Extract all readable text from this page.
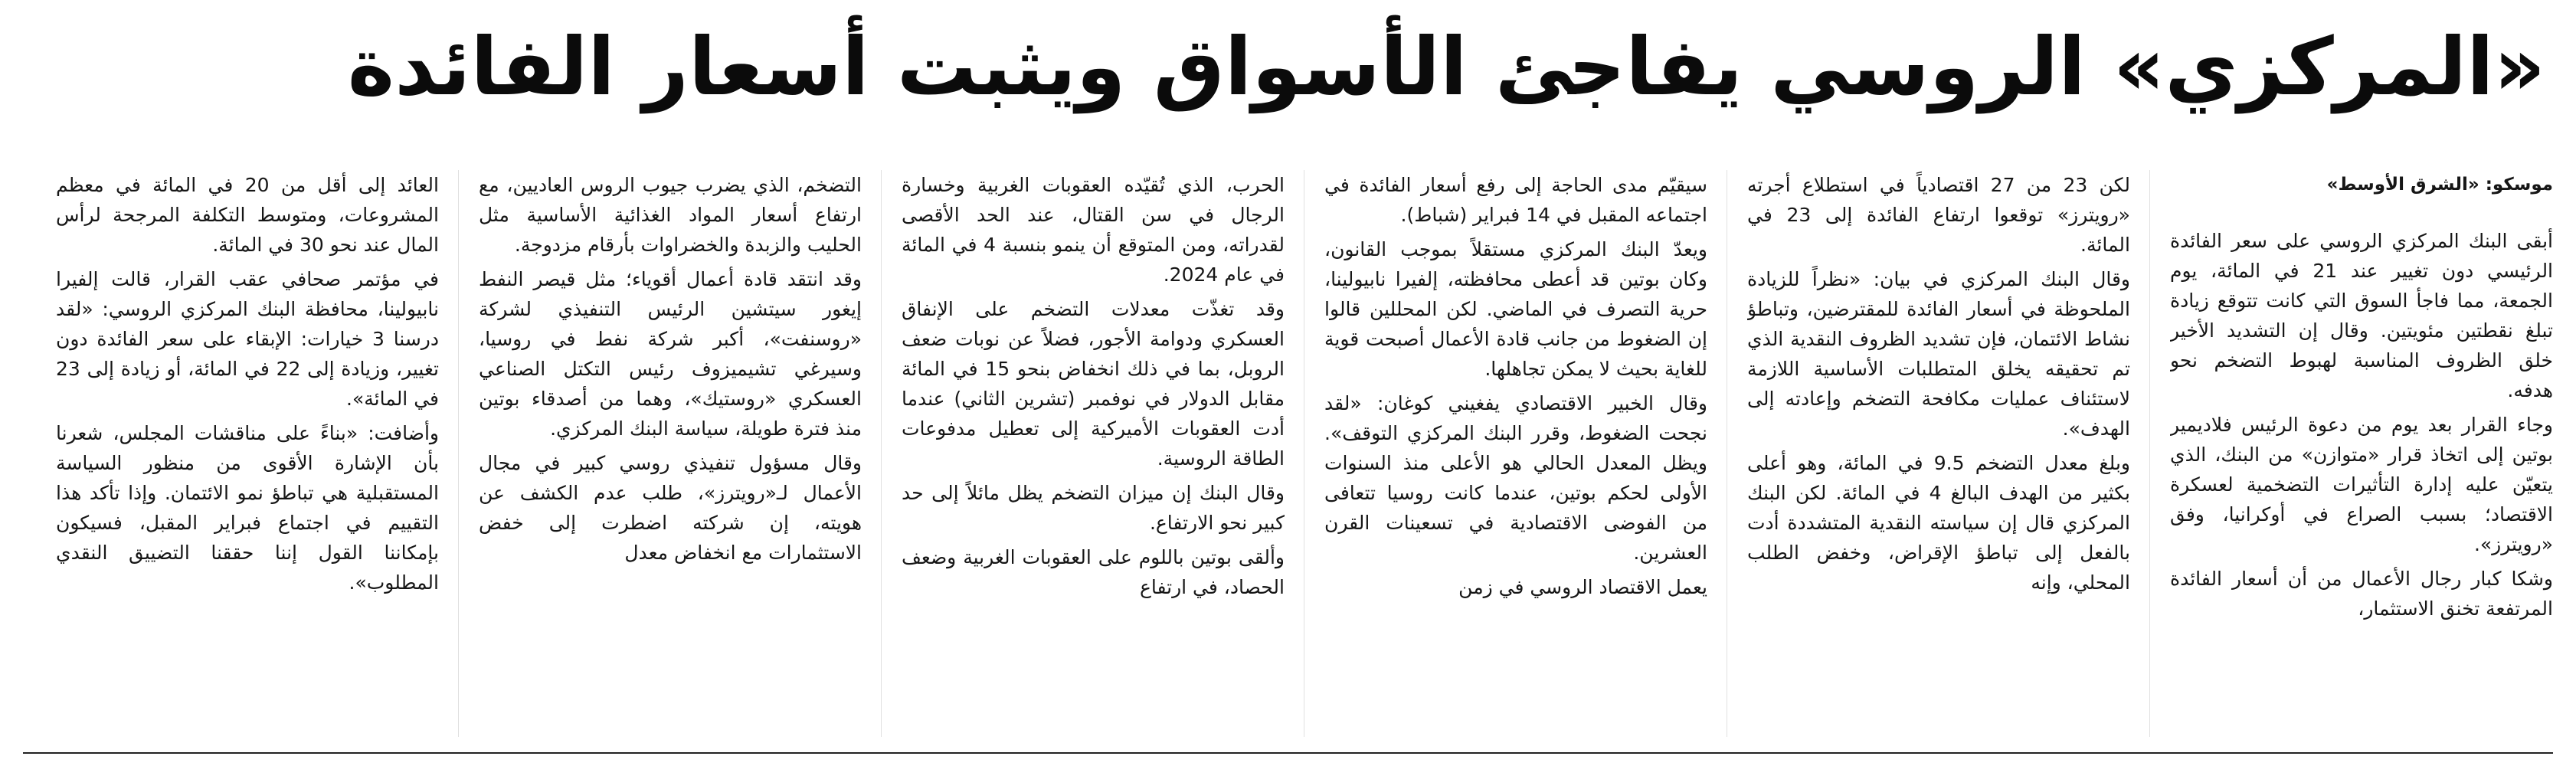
«المركزي» الروسي يفاجئ الأسواق ويثبت أسعار الفائدة

موسكو: «الشرق الأوسط»

أبقى البنك المركزي الروسي على سعر الفائدة الرئيسي دون تغيير عند 21 في المائة، يوم الجمعة، مما فاجأ السوق التي كانت تتوقع زيادة تبلغ نقطتين مئويتين. وقال إن التشديد الأخير خلق الظروف المناسبة لهبوط التضخم نحو هدفه.

وجاء القرار بعد يوم من دعوة الرئيس فلاديمير بوتين إلى اتخاذ قرار «متوازن» من البنك، الذي يتعيّن عليه إدارة التأثيرات التضخمية لعسكرة الاقتصاد؛ بسبب الصراع في أوكرانيا، وفق «رويترز».

وشكا كبار رجال الأعمال من أن أسعار الفائدة المرتفعة تخنق الاستثمار،

لكن 23 من 27 اقتصادياً في استطلاع أجرته «رويترز» توقعوا ارتفاع الفائدة إلى 23 في المائة.

وقال البنك المركزي في بيان: «نظراً للزيادة الملحوظة في أسعار الفائدة للمقترضين، وتباطؤ نشاط الائتمان، فإن تشديد الظروف النقدية الذي تم تحقيقه يخلق المتطلبات الأساسية اللازمة لاستئناف عمليات مكافحة التضخم وإعادته إلى الهدف».

وبلغ معدل التضخم 9.5 في المائة، وهو أعلى بكثير من الهدف البالغ 4 في المائة. لكن البنك المركزي قال إن سياسته النقدية المتشددة أدت بالفعل إلى تباطؤ الإقراض، وخفض الطلب المحلي، وإنه

سيقيّم مدى الحاجة إلى رفع أسعار الفائدة في اجتماعه المقبل في 14 فبراير (شباط).

ويعدّ البنك المركزي مستقلاً بموجب القانون، وكان بوتين قد أعطى محافظته، إلفيرا نابيولينا، حرية التصرف في الماضي. لكن المحللين قالوا إن الضغوط من جانب قادة الأعمال أصبحت قوية للغاية بحيث لا يمكن تجاهلها.

وقال الخبير الاقتصادي يفغيني كوغان: «لقد نجحت الضغوط، وقرر البنك المركزي التوقف». ويظل المعدل الحالي هو الأعلى منذ السنوات الأولى لحكم بوتين، عندما كانت روسيا تتعافى من الفوضى الاقتصادية في تسعينات القرن العشرين.

يعمل الاقتصاد الروسي في زمن

الحرب، الذي تُقيّده العقوبات الغربية وخسارة الرجال في سن القتال، عند الحد الأقصى لقدراته، ومن المتوقع أن ينمو بنسبة 4 في المائة في عام 2024.

وقد تغذّت معدلات التضخم على الإنفاق العسكري ودوامة الأجور، فضلاً عن نوبات ضعف الروبل، بما في ذلك انخفاض بنحو 15 في المائة مقابل الدولار في نوفمبر (تشرين الثاني) عندما أدت العقوبات الأميركية إلى تعطيل مدفوعات الطاقة الروسية.

وقال البنك إن ميزان التضخم يظل مائلاً إلى حد كبير نحو الارتفاع.

وألقى بوتين باللوم على العقوبات الغربية وضعف الحصاد، في ارتفاع

التضخم، الذي يضرب جيوب الروس العاديين، مع ارتفاع أسعار المواد الغذائية الأساسية مثل الحليب والزبدة والخضراوات بأرقام مزدوجة.

وقد انتقد قادة أعمال أقوياء؛ مثل قيصر النفط إيغور سيتشين الرئيس التنفيذي لشركة «روسنفت»، أكبر شركة نفط في روسيا، وسيرغي تشيميزوف رئيس التكتل الصناعي العسكري «روستيك»، وهما من أصدقاء بوتين منذ فترة طويلة، سياسة البنك المركزي.

وقال مسؤول تنفيذي روسي كبير في مجال الأعمال لـ«رويترز»، طلب عدم الكشف عن هويته، إن شركته اضطرت إلى خفض الاستثمارات مع انخفاض معدل

العائد إلى أقل من 20 في المائة في معظم المشروعات، ومتوسط التكلفة المرجحة لرأس المال عند نحو 30 في المائة.

في مؤتمر صحافي عقب القرار، قالت إلفيرا نابيولينا، محافظة البنك المركزي الروسي: «لقد درسنا 3 خيارات: الإبقاء على سعر الفائدة دون تغيير، وزيادة إلى 22 في المائة، أو زيادة إلى 23 في المائة».

وأضافت: «بناءً على مناقشات المجلس، شعرنا بأن الإشارة الأقوى من منظور السياسة المستقبلية هي تباطؤ نمو الائتمان. وإذا تأكد هذا التقييم في اجتماع فبراير المقبل، فسيكون بإمكاننا القول إننا حققنا التضييق النقدي المطلوب».
